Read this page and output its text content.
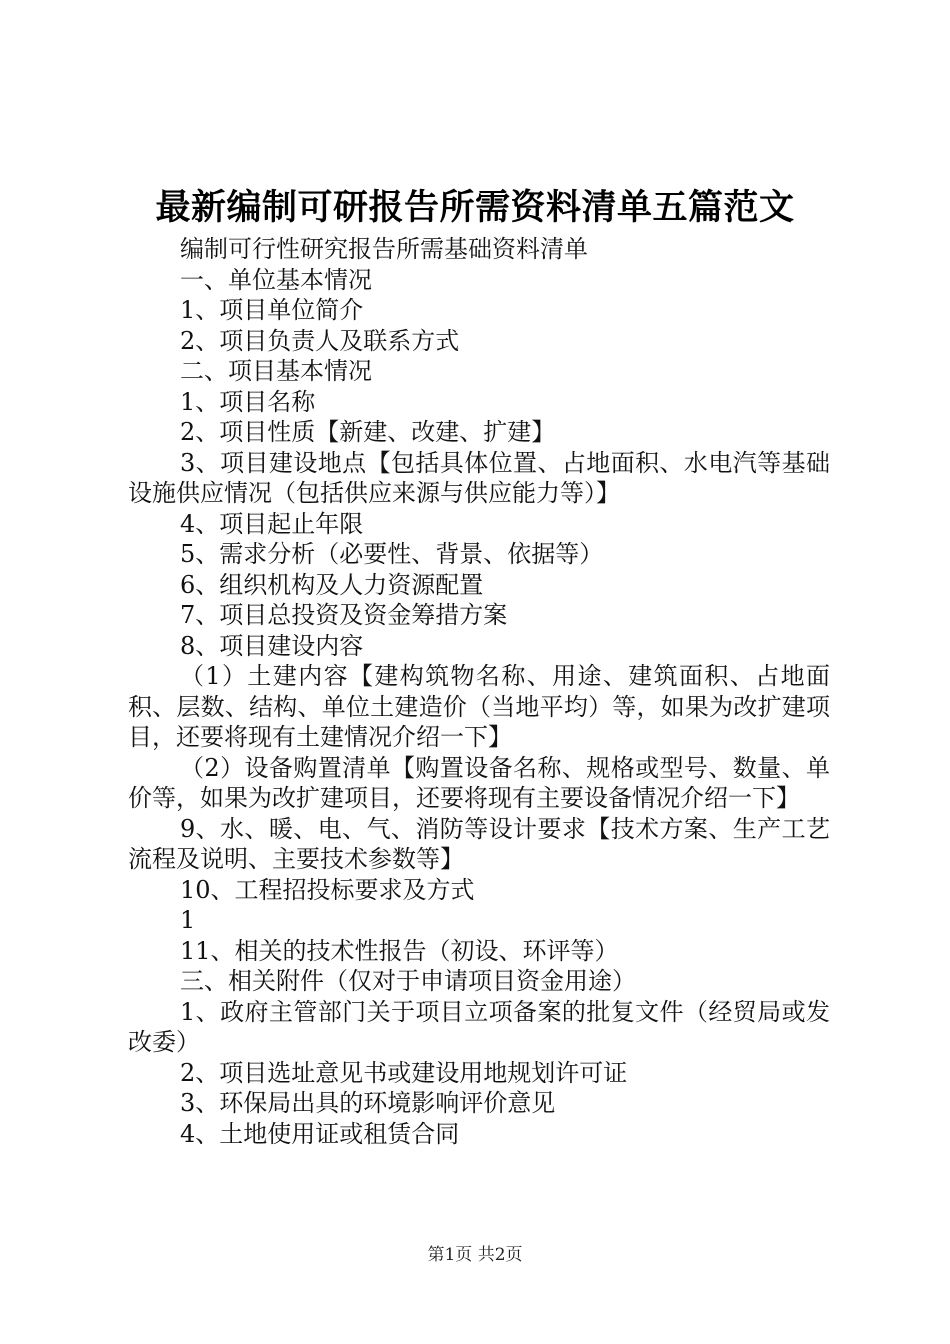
最新编制可研报告所需资料清单五篇范文

编制可行性研究报告所需基础资料清单

一、单位基本情况

1、项目单位简介

2、项目负责人及联系方式

二、项目基本情况

1、项目名称

2、项目性质【新建、改建、扩建】

3、项目建设地点【包括具体位置、占地面积、水电汽等基础设施供应情况（包括供应来源与供应能力等）】

4、项目起止年限

5、需求分析（必要性、背景、依据等）

6、组织机构及人力资源配置

7、项目总投资及资金筹措方案

8、项目建设内容

（1）土建内容【建构筑物名称、用途、建筑面积、占地面积、层数、结构、单位土建造价（当地平均）等，如果为改扩建项目，还要将现有土建情况介绍一下】

（2）设备购置清单【购置设备名称、规格或型号、数量、单价等，如果为改扩建项目，还要将现有主要设备情况介绍一下】

9、水、暖、电、气、消防等设计要求【技术方案、生产工艺流程及说明、主要技术参数等】

10、工程招投标要求及方式

1

11、相关的技术性报告（初设、环评等）

三、相关附件（仅对于申请项目资金用途）

1、政府主管部门关于项目立项备案的批复文件（经贸局或发改委）

2、项目选址意见书或建设用地规划许可证

3、环保局出具的环境影响评价意见

4、土地使用证或租赁合同

第1页 共2页
